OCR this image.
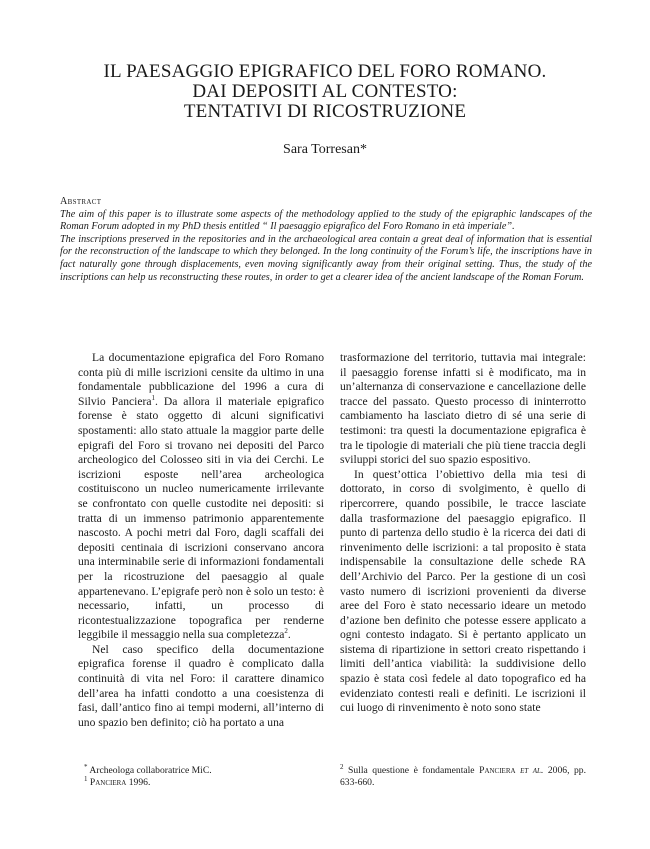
IL PAESAGGIO EPIGRAFICO DEL FORO ROMANO.
DAI DEPOSITI AL CONTESTO:
TENTATIVI DI RICOSTRUZIONE
Sara Torresan*
Abstract
The aim of this paper is to illustrate some aspects of the methodology applied to the study of the epigraphic landscapes of the Roman Forum adopted in my PhD thesis entitled “ Il paesaggio epigrafico del Foro Romano in età imperiale”.
The inscriptions preserved in the repositories and in the archaeological area contain a great deal of information that is essential for the reconstruction of the landscape to which they belonged. In the long continuity of the Forum’s life, the inscriptions have in fact naturally gone through displacements, even moving significantly away from their original setting. Thus, the study of the inscriptions can help us reconstructing these routes, in order to get a clearer idea of the ancient landscape of the Roman Forum.

La documentazione epigrafica del Foro Romano conta più di mille iscrizioni censite da ultimo in una fondamentale pubblicazione del 1996 a cura di Silvio Panciera$^1$. Da allora il materiale epigrafico forense è stato oggetto di alcuni significativi spostamenti: allo stato attuale la maggior parte delle epigrafi del Foro si trovano nei depositi del Parco archeologico del Colosseo siti in via dei Cerchi. Le iscrizioni esposte nell’area archeologica costituiscono un nucleo numericamente irrilevante se confrontato con quelle custodite nei depositi: si tratta di un immenso patrimonio apparentemente nascosto. A pochi metri dal Foro, dagli scaffali dei depositi centinaia di iscrizioni conservano ancora una interminabile serie di informazioni fondamentali per la ricostruzione del paesaggio al quale appartenevano. L’epigrafe però non è solo un testo: è necessario, infatti, un processo di ricontestualizzazione topografica per renderne leggibile il messaggio nella sua completezza$^2$.

Nel caso specifico della documentazione epigrafica forense il quadro è complicato dalla continuità di vita nel Foro: il carattere dinamico dell’area ha infatti condotto a una coesistenza di fasi, dall’antico fino ai tempi moderni, all’interno di uno spazio ben definito; ciò ha portato a una

trasformazione del territorio, tuttavia mai integrale: il paesaggio forense infatti si è modificato, ma in un’alternanza di conservazione e cancellazione delle tracce del passato. Questo processo di ininterrotto cambiamento ha lasciato dietro di sé una serie di testimoni: tra questi la documentazione epigrafica è tra le tipologie di materiali che più tiene traccia degli sviluppi storici del suo spazio espositivo.

In quest’ottica l’obiettivo della mia tesi di dottorato, in corso di svolgimento, è quello di ripercorrere, quando possibile, le tracce lasciate dalla trasformazione del paesaggio epigrafico. Il punto di partenza dello studio è la ricerca dei dati di rinvenimento delle iscrizioni: a tal proposito è stata indispensabile la consultazione delle schede RA dell’Archivio del Parco. Per la gestione di un così vasto numero di iscrizioni provenienti da diverse aree del Foro è stato necessario ideare un metodo d’azione ben definito che potesse essere applicato a ogni contesto indagato. Si è pertanto applicato un sistema di ripartizione in settori creato rispettando i limiti dell’antica viabilità: la suddivisione dello spazio è stata così fedele al dato topografico ed ha evidenziato contesti reali e definiti. Le iscrizioni il cui luogo di rinvenimento è noto sono state

* Archeologa collaboratrice MiC.
$^1$ Panciera 1996.
$^2$ Sulla questione è fondamentale Panciera et al. 2006, pp. 633-660.
